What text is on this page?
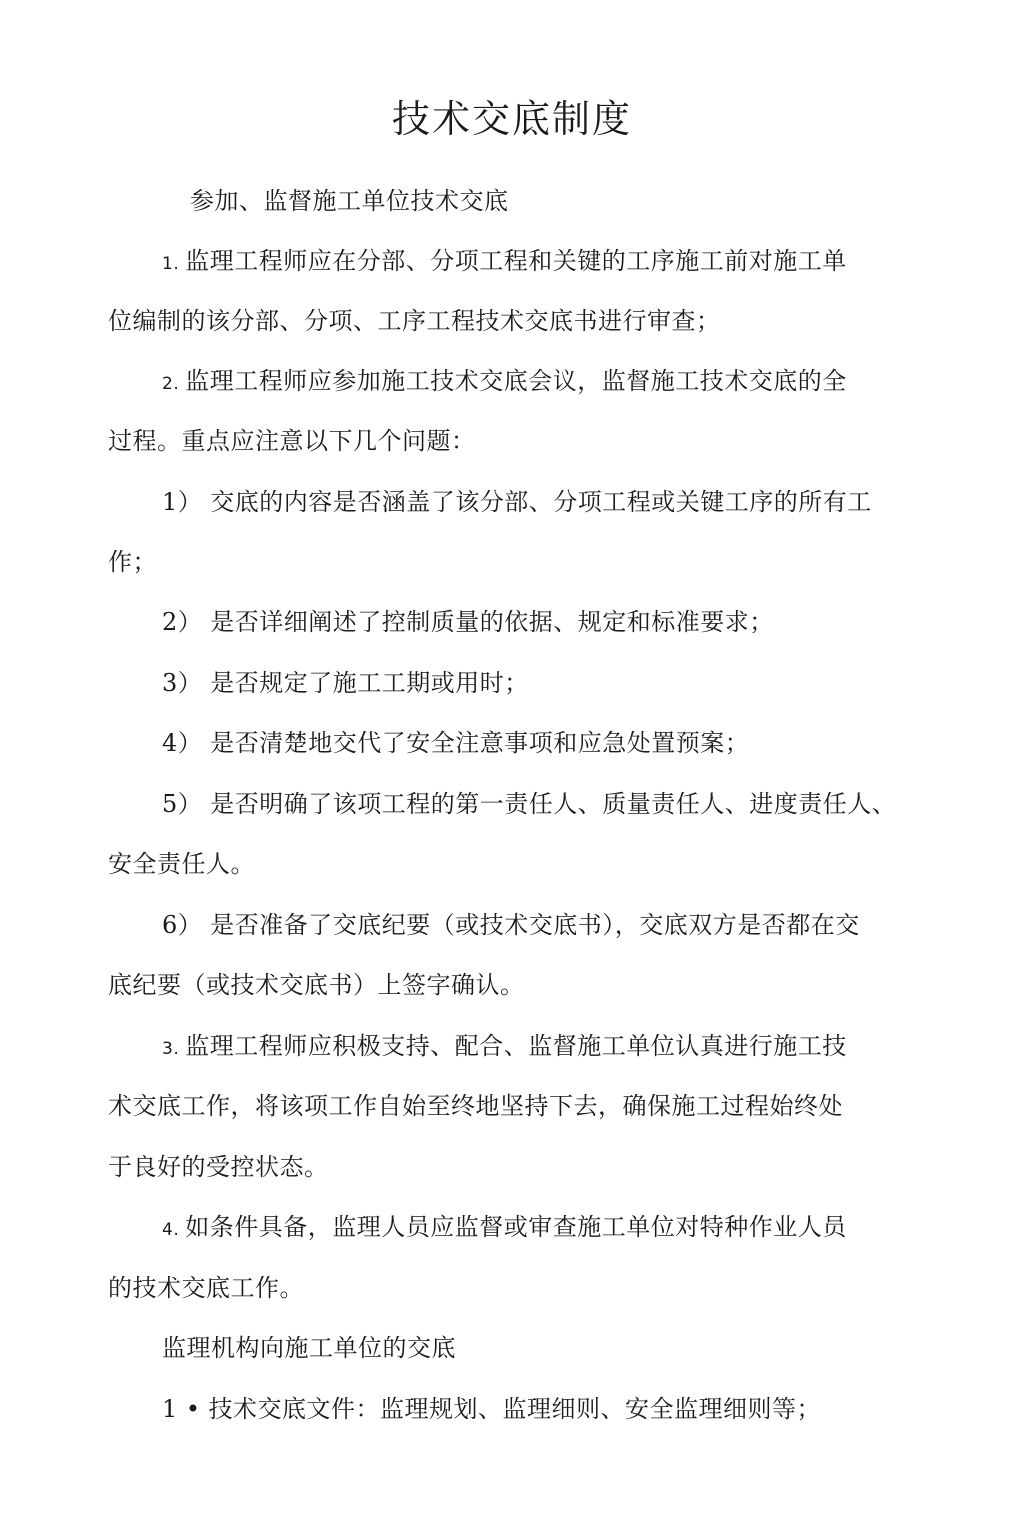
技术交底制度
参加、监督施工单位技术交底
1. 监理工程师应在分部、分项工程和关键的工序施工前对施工单
位编制的该分部、分项、工序工程技术交底书进行审查；
2. 监理工程师应参加施工技术交底会议，监督施工技术交底的全
过程。重点应注意以下几个问题：
1） 交底的内容是否涵盖了该分部、分项工程或关键工序的所有工
作；
2） 是否详细阐述了控制质量的依据、规定和标准要求；
3） 是否规定了施工工期或用时；
4） 是否清楚地交代了安全注意事项和应急处置预案；
5） 是否明确了该项工程的第一责任人、质量责任人、进度责任人、
安全责任人。
6） 是否准备了交底纪要（或技术交底书），交底双方是否都在交
底纪要（或技术交底书）上签字确认。
3. 监理工程师应积极支持、配合、监督施工单位认真进行施工技
术交底工作，将该项工作自始至终地坚持下去，确保施工过程始终处
于良好的受控状态。
4. 如条件具备，监理人员应监督或审查施工单位对特种作业人员
的技术交底工作。
监理机构向施工单位的交底
1 • 技术交底文件：监理规划、监理细则、安全监理细则等；
